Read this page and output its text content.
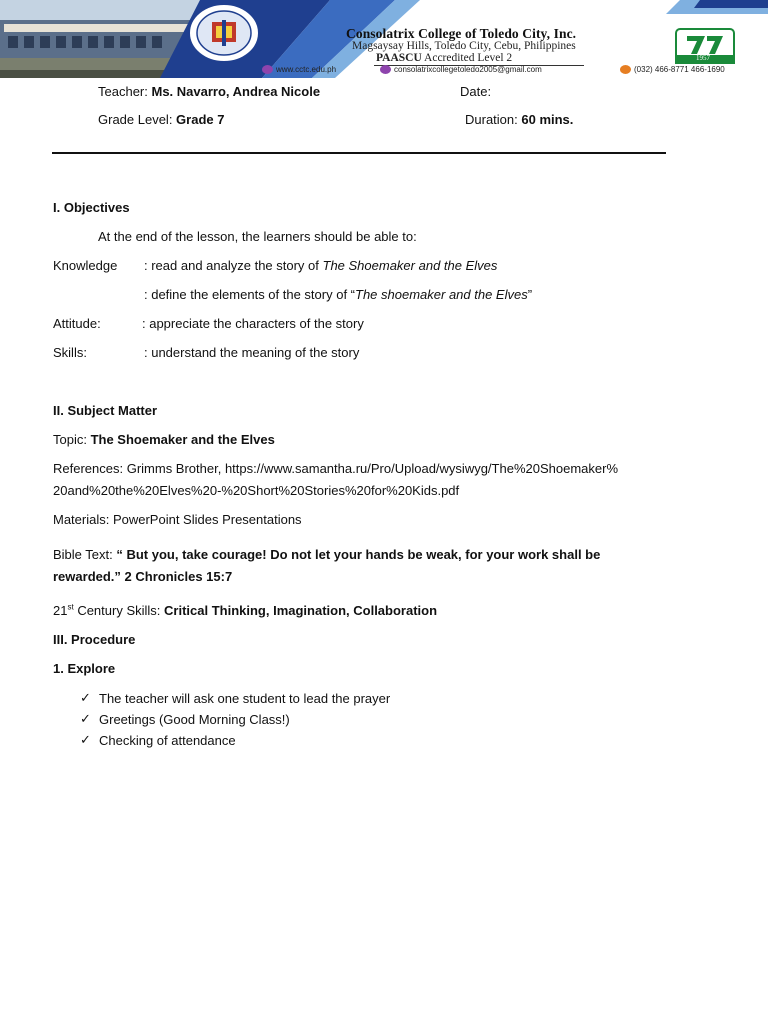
Consolatrix College of Toledo City, Inc.
Magsaysay Hills, Toledo City, Cebu, Philippines
PAASCU Accredited Level 2	1957
www.cctc.edu.ph	consolatrixcollegetoledo2005@gmail.com	(032) 466-8771 466-1690
Teacher: Ms. Navarro, Andrea Nicole	Date:
Grade Level: Grade 7	Duration: 60 mins.
I. Objectives
At the end of the lesson, the learners should be able to:
Knowledge : read and analyze the story of The Shoemaker and the Elves
: define the elements of the story of “The shoemaker and the Elves”
Attitude:	: appreciate the characters of the story
Skills:	: understand the meaning of the story
II. Subject Matter
Topic: The Shoemaker and the Elves
References: Grimms Brother, https://www.samantha.ru/Pro/Upload/wysiwyg/The%20Shoemaker%
20and%20the%20Elves%20-%20Short%20Stories%20for%20Kids.pdf
Materials: PowerPoint Slides Presentations
Bible Text: “ But you, take courage! Do not let your hands be weak, for your work shall be
rewarded.” 2 Chronicles 15:7
21st Century Skills: Critical Thinking, Imagination, Collaboration
III. Procedure
1. Explore
✓ The teacher will ask one student to lead the prayer
✓ Greetings (Good Morning Class!)
✓ Checking of attendance
